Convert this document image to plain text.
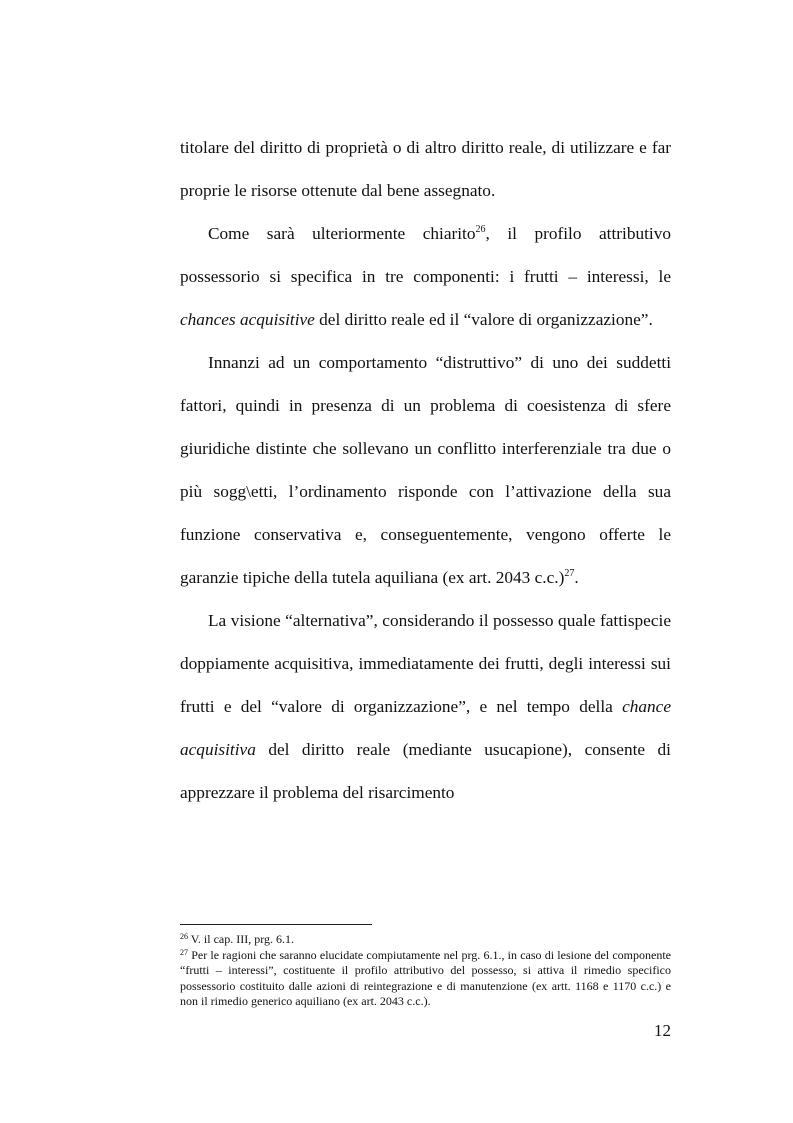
titolare del diritto di proprietà o di altro diritto reale, di utilizzare e far proprie le risorse ottenute dal bene assegnato.

Come sarà ulteriormente chiarito$^{26}$, il profilo attributivo possessorio si specifica in tre componenti: i frutti – interessi, le chances acquisitive del diritto reale ed il “valore di organizzazione”.

Innanzi ad un comportamento “distruttivo” di uno dei suddetti fattori, quindi in presenza di un problema di coesistenza di sfere giuridiche distinte che sollevano un conflitto interferenziale tra due o più sogg\etti, l’ordinamento risponde con l’attivazione della sua funzione conservativa e, conseguentemente, vengono offerte le garanzie tipiche della tutela aquiliana (ex art. 2043 c.c.)$^{27}$.

La visione “alternativa”, considerando il possesso quale fattispecie doppiamente acquisitiva, immediatamente dei frutti, degli interessi sui frutti e del “valore di organizzazione”, e nel tempo della chance acquisitiva del diritto reale (mediante usucapione), consente di apprezzare il problema del risarcimento

$^{26}$ V. il cap. III, prg. 6.1.

$^{27}$ Per le ragioni che saranno elucidate compiutamente nel prg. 6.1., in caso di lesione del componente “frutti – interessi”, costituente il profilo attributivo del possesso, si attiva il rimedio specifico possessorio costituito dalle azioni di reintegrazione e di manutenzione (ex artt. 1168 e 1170 c.c.) e non il rimedio generico aquiliano (ex art. 2043 c.c.).

12
